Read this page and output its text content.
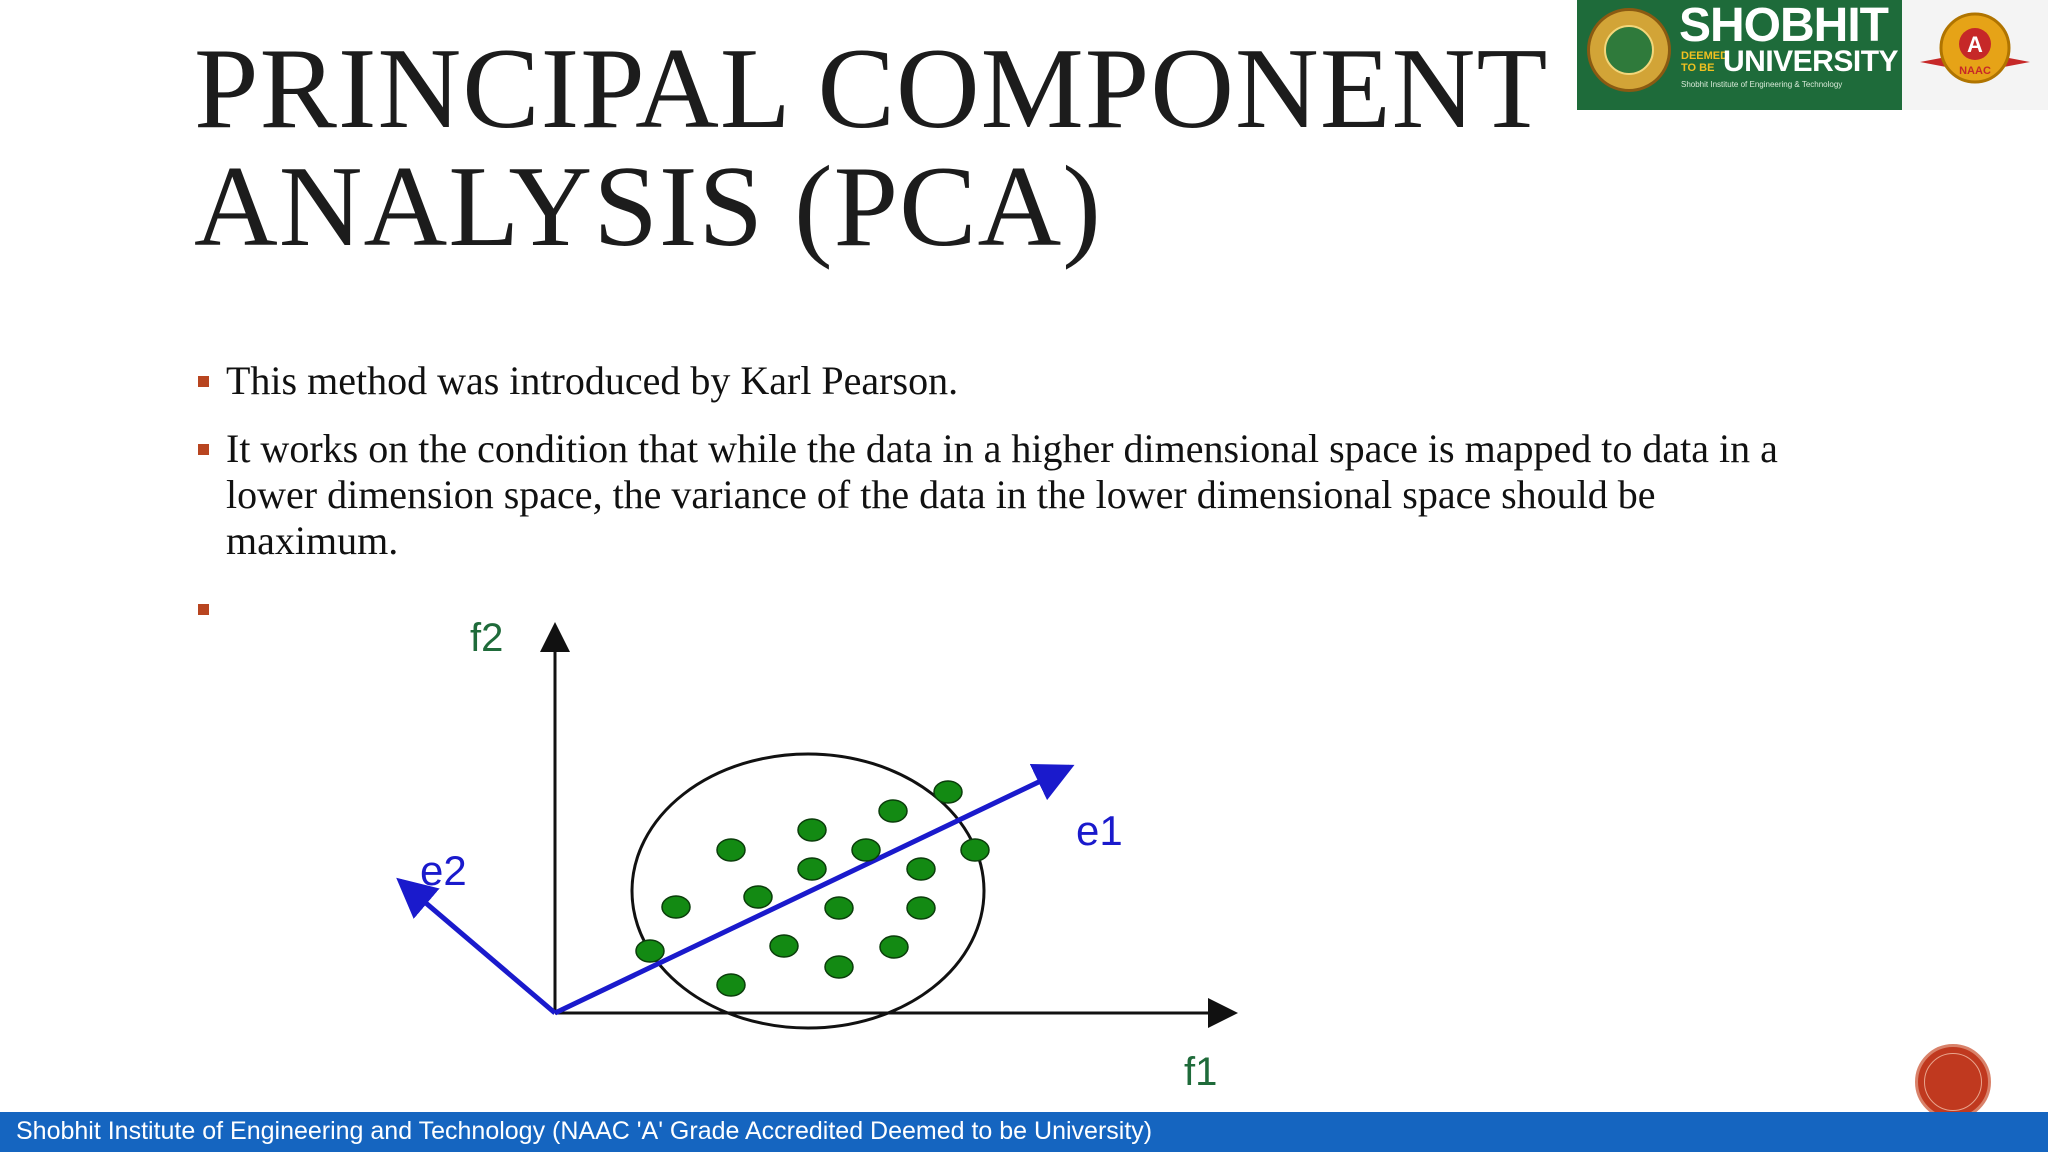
PRINCIPAL COMPONENT
ANALYSIS (PCA)
SHOBHIT
DEEMED TO BE UNIVERSITY
Shobhit Institute of Engineering & Technology
A
NAAC
This method was introduced by Karl Pearson.
It works on the condition that while the data in a higher dimensional space is mapped to data in a lower dimension space, the variance of the data in the lower dimensional space should be maximum.
f2
f1
e1
e2
Shobhit Institute of Engineering and Technology (NAAC 'A' Grade Accredited Deemed to be University)
